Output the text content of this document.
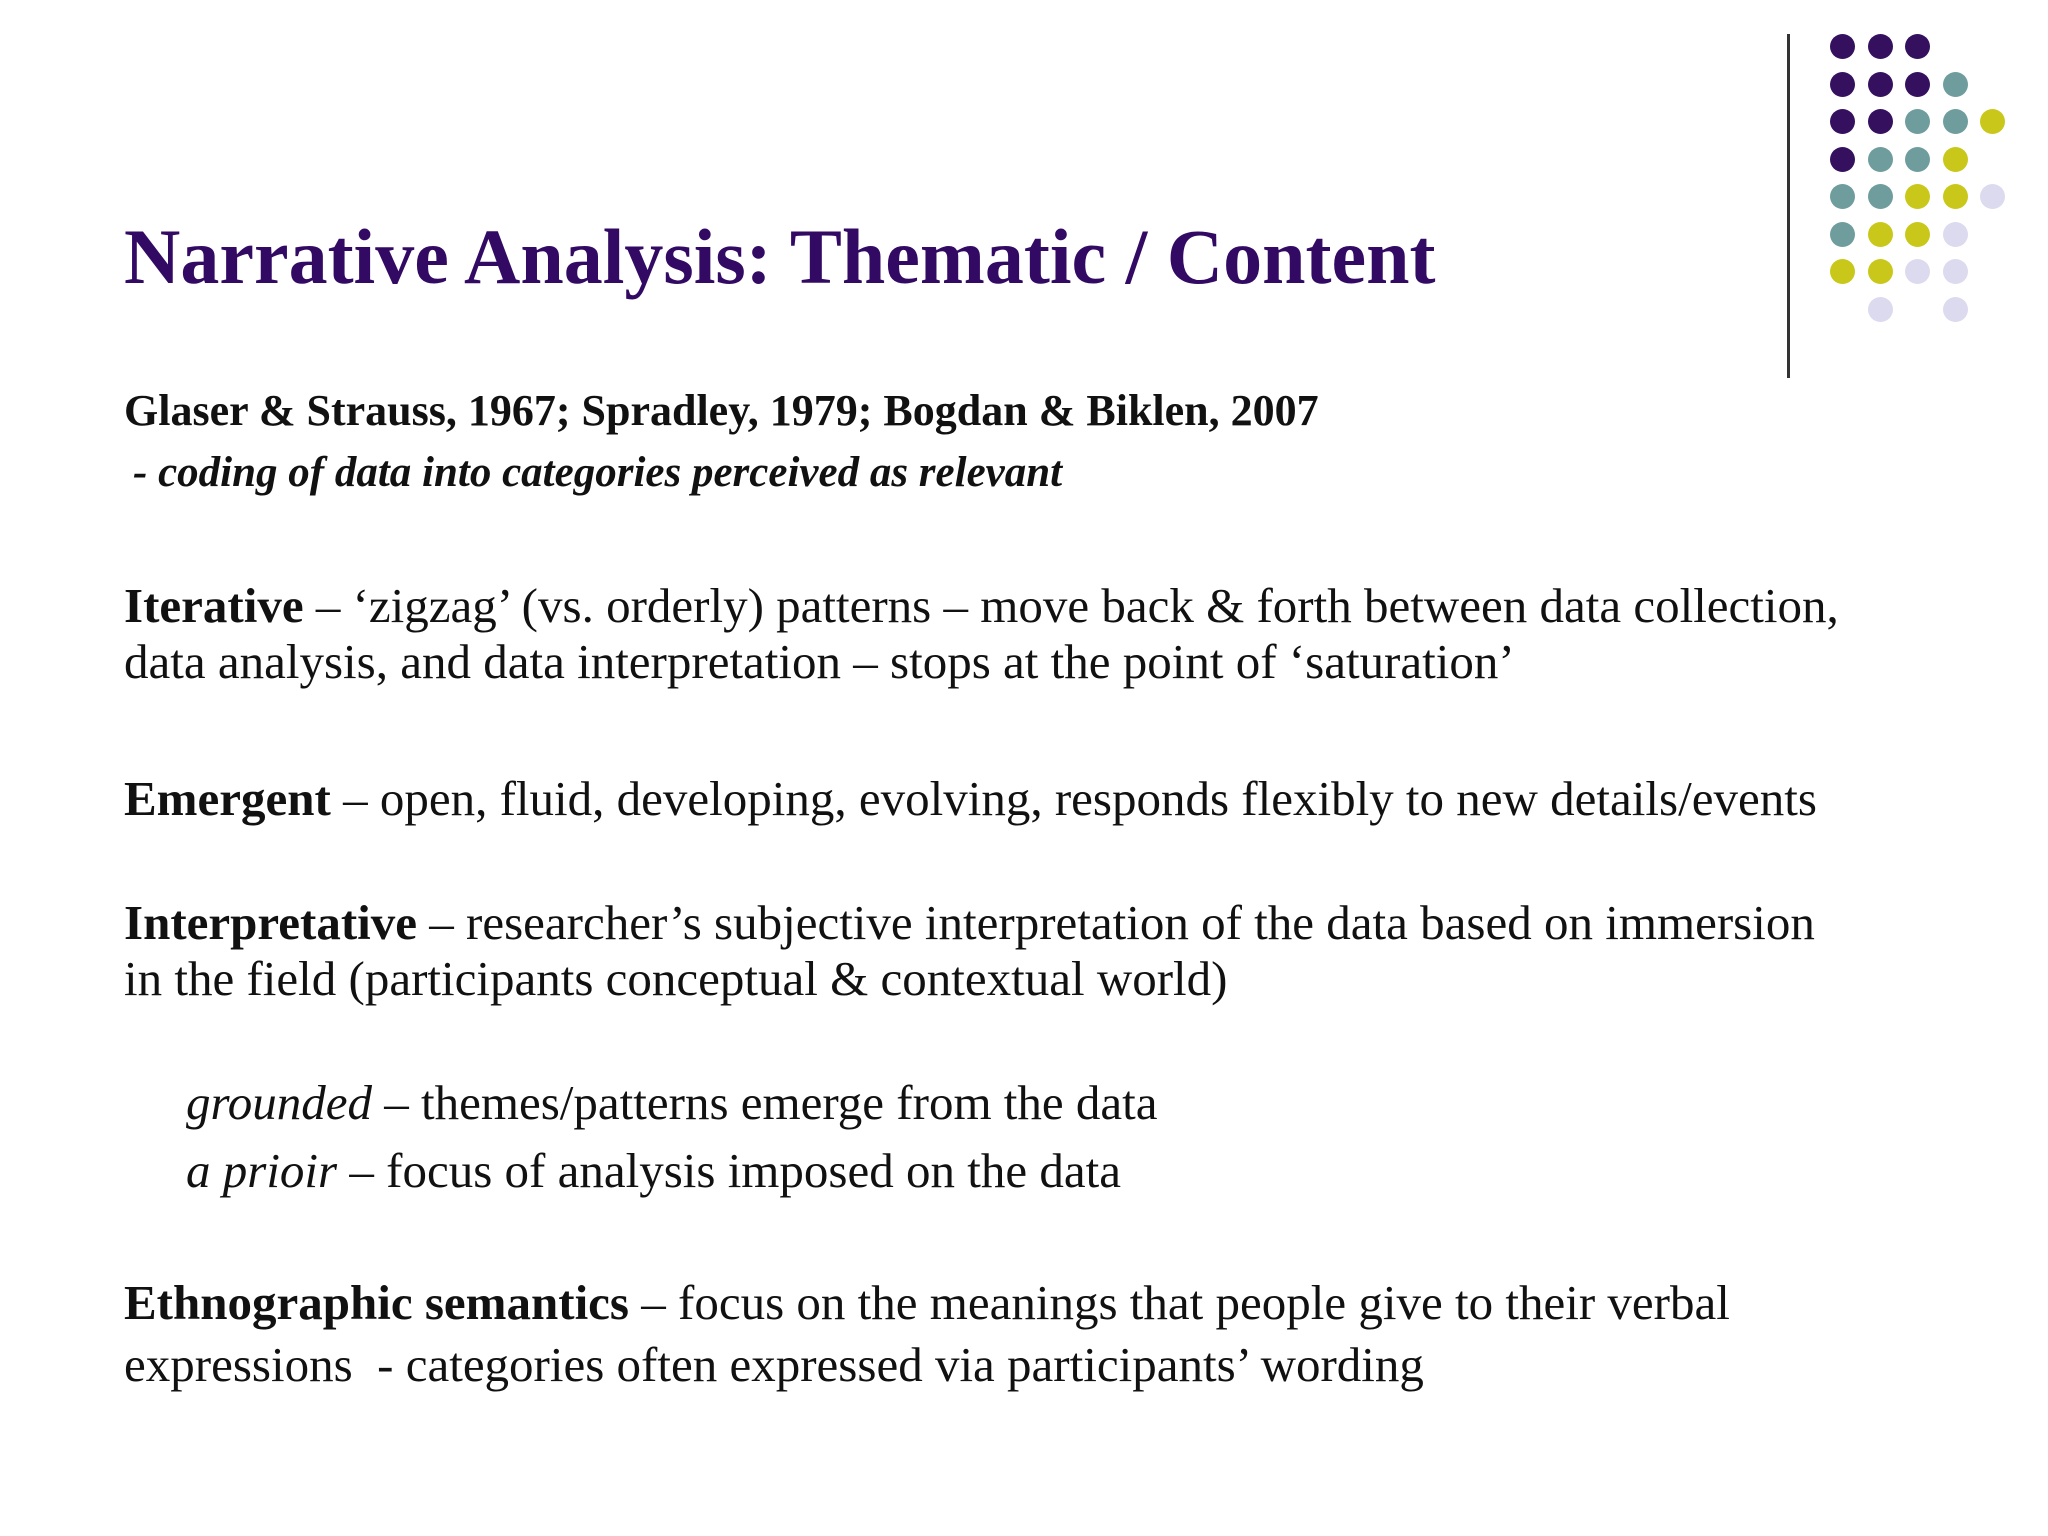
Narrative Analysis: Thematic / Content
Glaser & Strauss, 1967; Spradley, 1979; Bogdan & Biklen, 2007
- coding of data into categories perceived as relevant
Iterative – ‘zigzag’ (vs. orderly) patterns – move back & forth between data collection,
data analysis, and data interpretation – stops at the point of ‘saturation’
Emergent – open, fluid, developing, evolving, responds flexibly to new details/events
Interpretative – researcher’s subjective interpretation of the data based on immersion
in the field (participants conceptual & contextual world)
grounded – themes/patterns emerge from the data
a prioir – focus of analysis imposed on the data
Ethnographic semantics – focus on the meanings that people give to their verbal
expressions  - categories often expressed via participants’ wording
